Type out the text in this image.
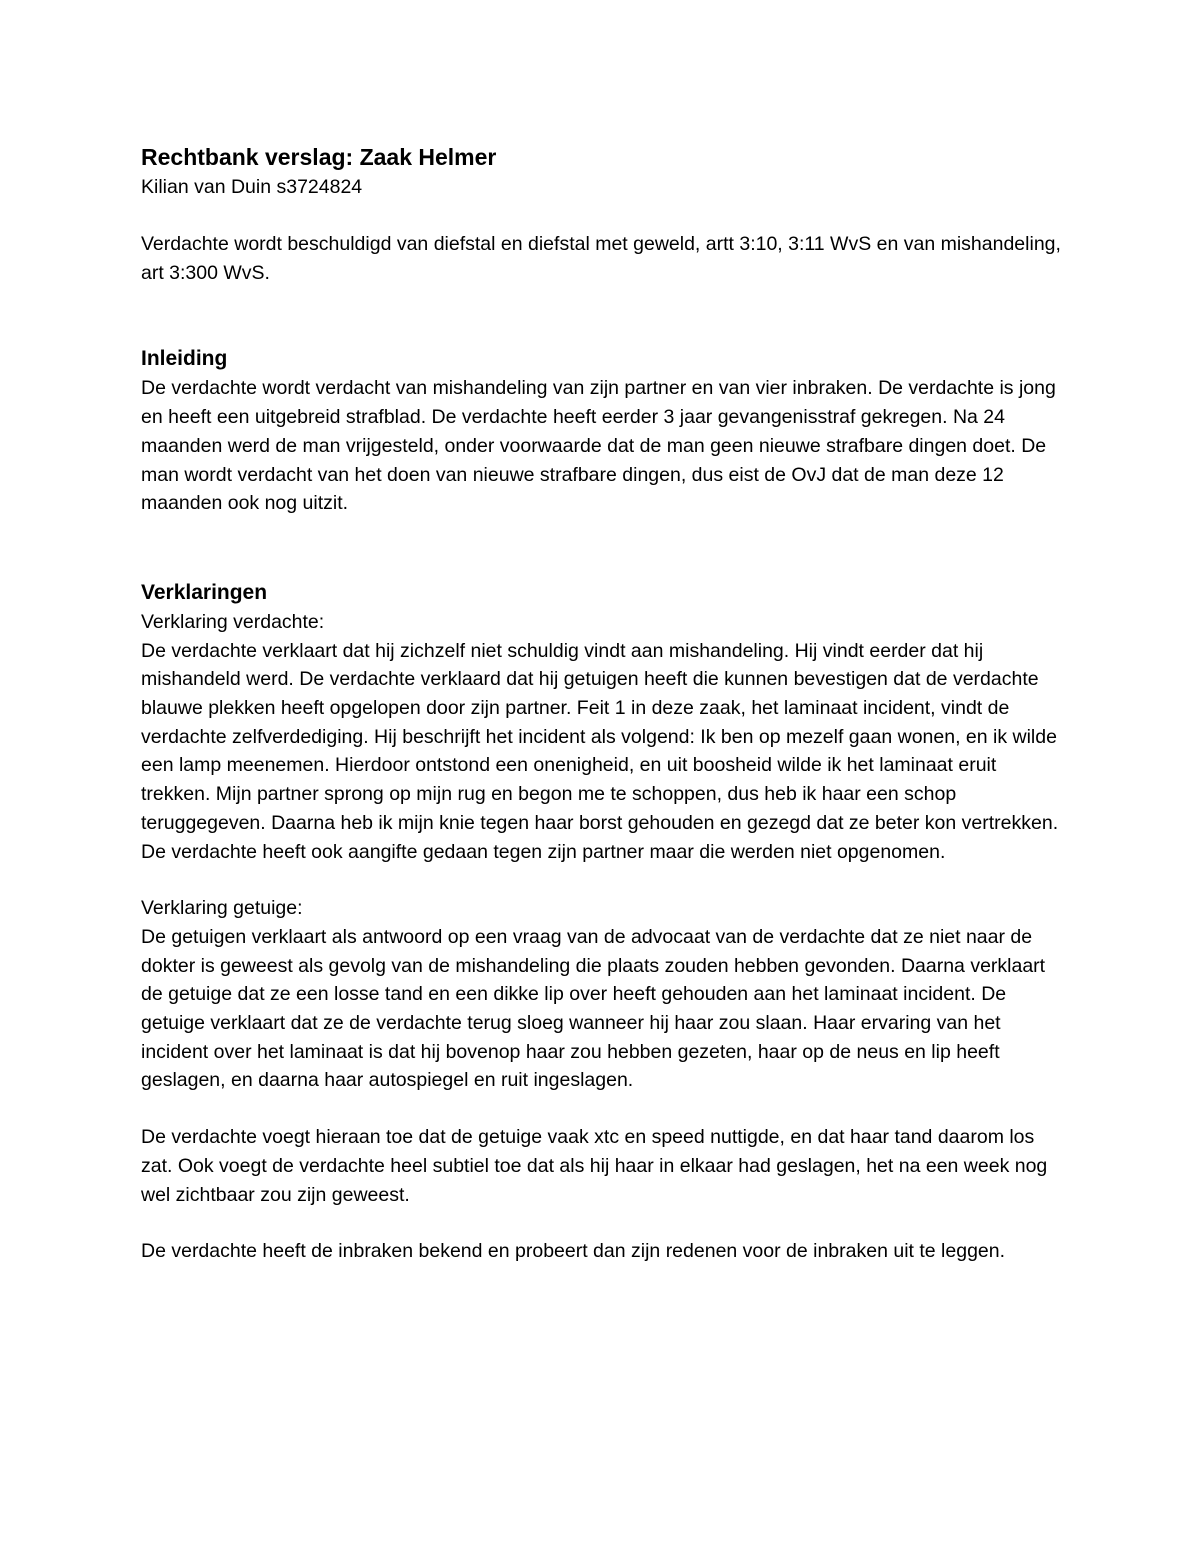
Rechtbank verslag: Zaak Helmer
Kilian van Duin s3724824

Verdachte wordt beschuldigd van diefstal en diefstal met geweld, artt 3:10, 3:11 WvS en van mishandeling, art 3:300 WvS.

Inleiding

De verdachte wordt verdacht van mishandeling van zijn partner en van vier inbraken. De verdachte is jong en heeft een uitgebreid strafblad. De verdachte heeft eerder 3 jaar gevangenisstraf gekregen. Na 24 maanden werd de man vrijgesteld, onder voorwaarde dat de man geen nieuwe strafbare dingen doet. De man wordt verdacht van het doen van nieuwe strafbare dingen, dus eist de OvJ dat de man deze 12 maanden ook nog uitzit.

Verklaringen

Verklaring verdachte:

De verdachte verklaart dat hij zichzelf niet schuldig vindt aan mishandeling. Hij vindt eerder dat hij mishandeld werd. De verdachte verklaard dat hij getuigen heeft die kunnen bevestigen dat de verdachte blauwe plekken heeft opgelopen door zijn partner. Feit 1 in deze zaak, het laminaat incident, vindt de verdachte zelfverdediging. Hij beschrijft het incident als volgend: Ik ben op mezelf gaan wonen, en ik wilde een lamp meenemen. Hierdoor ontstond een onenigheid, en uit boosheid wilde ik het laminaat eruit trekken. Mijn partner sprong op mijn rug en begon me te schoppen, dus heb ik haar een schop teruggegeven. Daarna heb ik mijn knie tegen haar borst gehouden en gezegd dat ze beter kon vertrekken. De verdachte heeft ook aangifte gedaan tegen zijn partner maar die werden niet opgenomen.

Verklaring getuige:

De getuigen verklaart als antwoord op een vraag van de advocaat van de verdachte dat ze niet naar de dokter is geweest als gevolg van de mishandeling die plaats zouden hebben gevonden. Daarna verklaart de getuige dat ze een losse tand en een dikke lip over heeft gehouden aan het laminaat incident. De getuige verklaart dat ze de verdachte terug sloeg wanneer hij haar zou slaan. Haar ervaring van het incident over het laminaat is dat hij bovenop haar zou hebben gezeten, haar op de neus en lip heeft geslagen, en daarna haar autospiegel en ruit ingeslagen.

De verdachte voegt hieraan toe dat de getuige vaak xtc en speed nuttigde, en dat haar tand daarom los zat. Ook voegt de verdachte heel subtiel toe dat als hij haar in elkaar had geslagen, het na een week nog wel zichtbaar zou zijn geweest.

De verdachte heeft de inbraken bekend en probeert dan zijn redenen voor de inbraken uit te leggen.
